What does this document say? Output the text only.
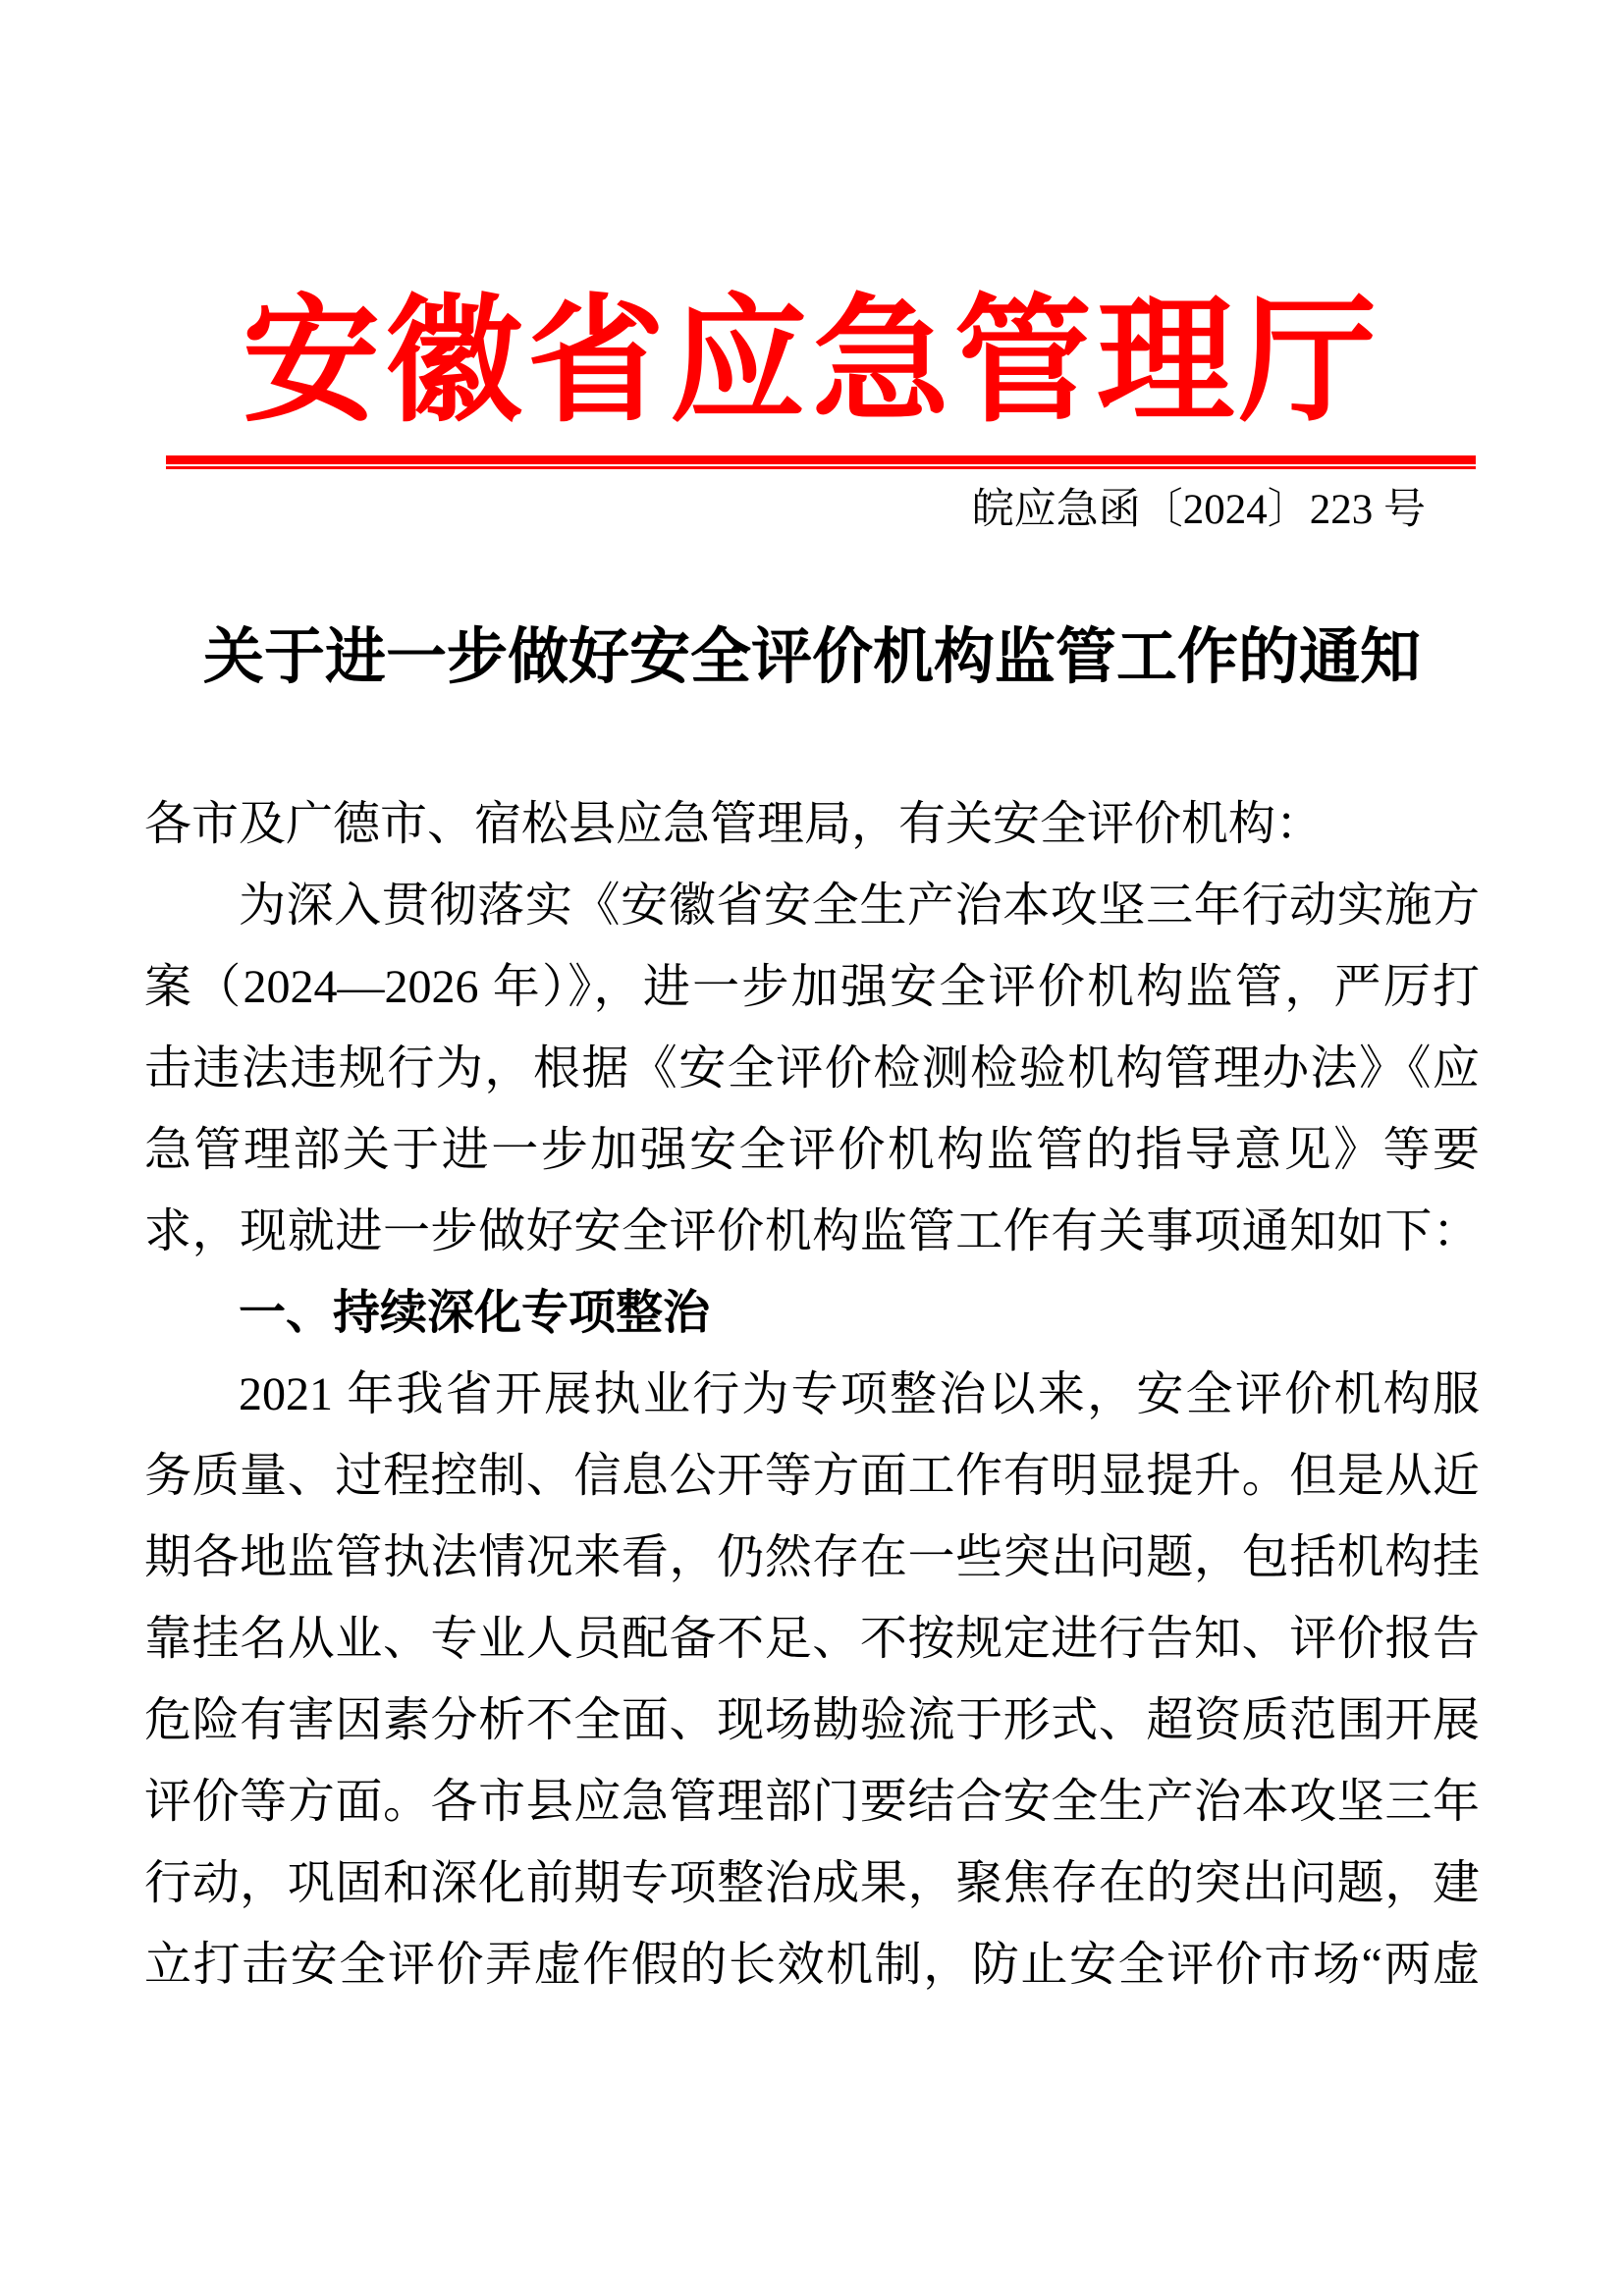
安徽省应急管理厅
皖应急函〔2024〕223 号
关于进一步做好安全评价机构监管工作的通知
各市及广德市、宿松县应急管理局，有关安全评价机构：
为深入贯彻落实《安徽省安全生产治本攻坚三年行动实施方
案（2024—2026 年）》，进一步加强安全评价机构监管，严厉打
击违法违规行为，根据《安全评价检测检验机构管理办法》《应
急管理部关于进一步加强安全评价机构监管的指导意见》等要
求，现就进一步做好安全评价机构监管工作有关事项通知如下：
一、持续深化专项整治
2021 年我省开展执业行为专项整治以来，安全评价机构服
务质量、过程控制、信息公开等方面工作有明显提升。但是从近
期各地监管执法情况来看，仍然存在一些突出问题，包括机构挂
靠挂名从业、专业人员配备不足、不按规定进行告知、评价报告
危险有害因素分析不全面、现场勘验流于形式、超资质范围开展
评价等方面。各市县应急管理部门要结合安全生产治本攻坚三年
行动，巩固和深化前期专项整治成果，聚焦存在的突出问题，建
立打击安全评价弄虚作假的长效机制，防止安全评价市场“两虚
